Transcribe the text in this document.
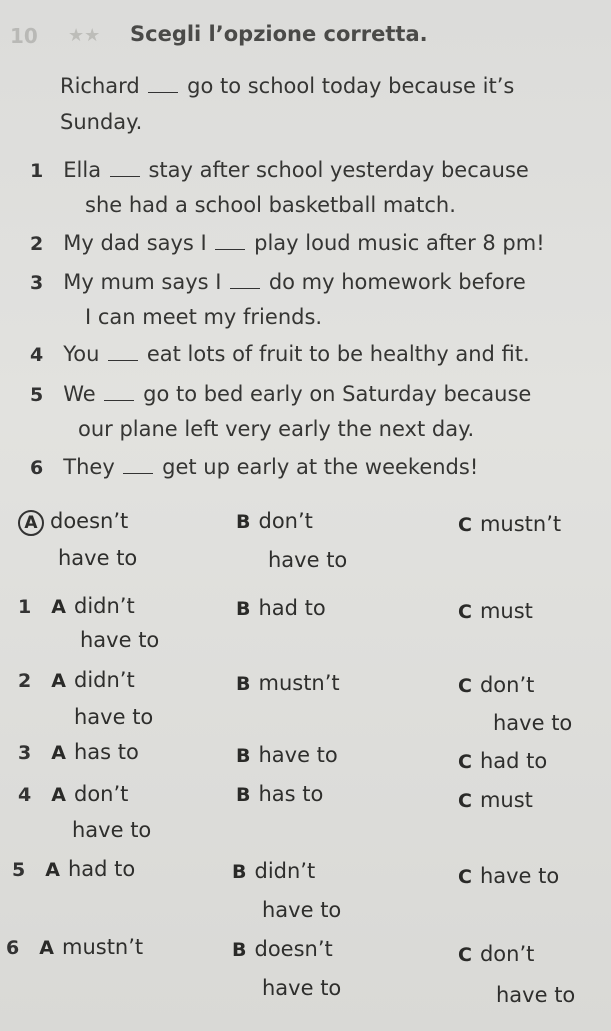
10 ★★ Scegli l’opzione corretta.
Richard go to school today because it’s
Sunday.
1 Ella stay after school yesterday because
she had a school basketball match.
2 My dad says I play loud music after 8 pm!
3 My mum says I do my homework before
I can meet my friends.
4 You eat lots of fruit to be healthy and fit.
5 We go to bed early on Saturday because
our plane left very early the next day.
6 They get up early at the weekends!
A doesn’t
have to
B don’t
have to
C mustn’t
1 A didn’t
have to
B had to	C must
2 A didn’t
have to
B mustn’t	C don’t
have to
3 A has to	B have to	C had to
4 A don’t
have to
B has to	C must
5 A had to	B didn’t
have to
C have to
6 A mustn’t	B doesn’t
have to
C don’t
have to
